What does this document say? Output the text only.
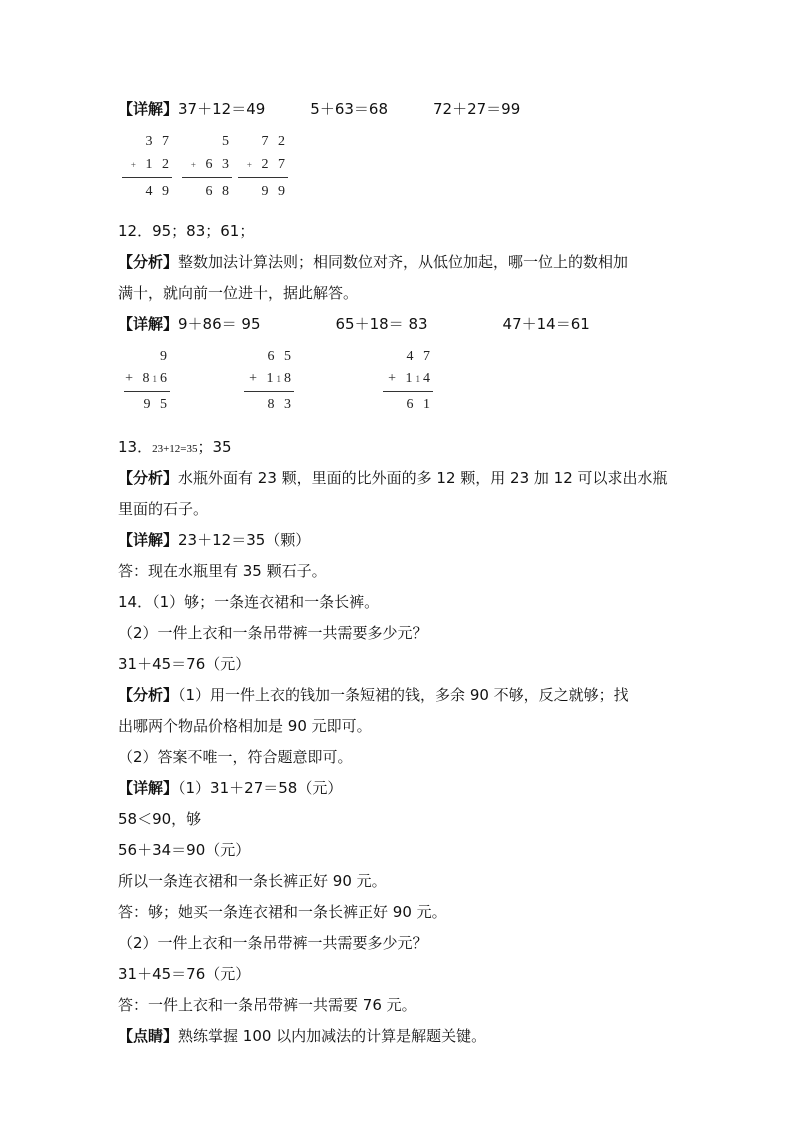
【详解】37＋12＝49　　　5＋63＝68　　　72＋27＝99
3 7
+ 1 2
4 9
5
+ 6 3
6 8
7 2
+ 2 7
9 9
12．95；83；61；
【分析】整数加法计算法则；相同数位对齐，从低位加起，哪一位上的数相加
满十，就向前一位进十，据此解答。
【详解】9＋86＝ 95　　　　　65＋18＝ 83　　　　　47＋14＝61
9
+ 816
9 5
6 5
+ 118
8 3
4 7
+ 114
6 1
13．23+12=35；35
【分析】水瓶外面有 23 颗，里面的比外面的多 12 颗，用 23 加 12 可以求出水瓶
里面的石子。
【详解】23＋12＝35（颗）
答：现在水瓶里有 35 颗石子。
14．（1）够；一条连衣裙和一条长裤。
（2）一件上衣和一条吊带裤一共需要多少元？
31＋45＝76（元）
【分析】（1）用一件上衣的钱加一条短裙的钱，多余 90 不够，反之就够；找
出哪两个物品价格相加是 90 元即可。
（2）答案不唯一，符合题意即可。
【详解】（1）31＋27＝58（元）
58＜90，够
56＋34＝90（元）
所以一条连衣裙和一条长裤正好 90 元。
答：够；她买一条连衣裙和一条长裤正好 90 元。
（2）一件上衣和一条吊带裤一共需要多少元？
31＋45＝76（元）
答：一件上衣和一条吊带裤一共需要 76 元。
【点睛】熟练掌握 100 以内加减法的计算是解题关键。
